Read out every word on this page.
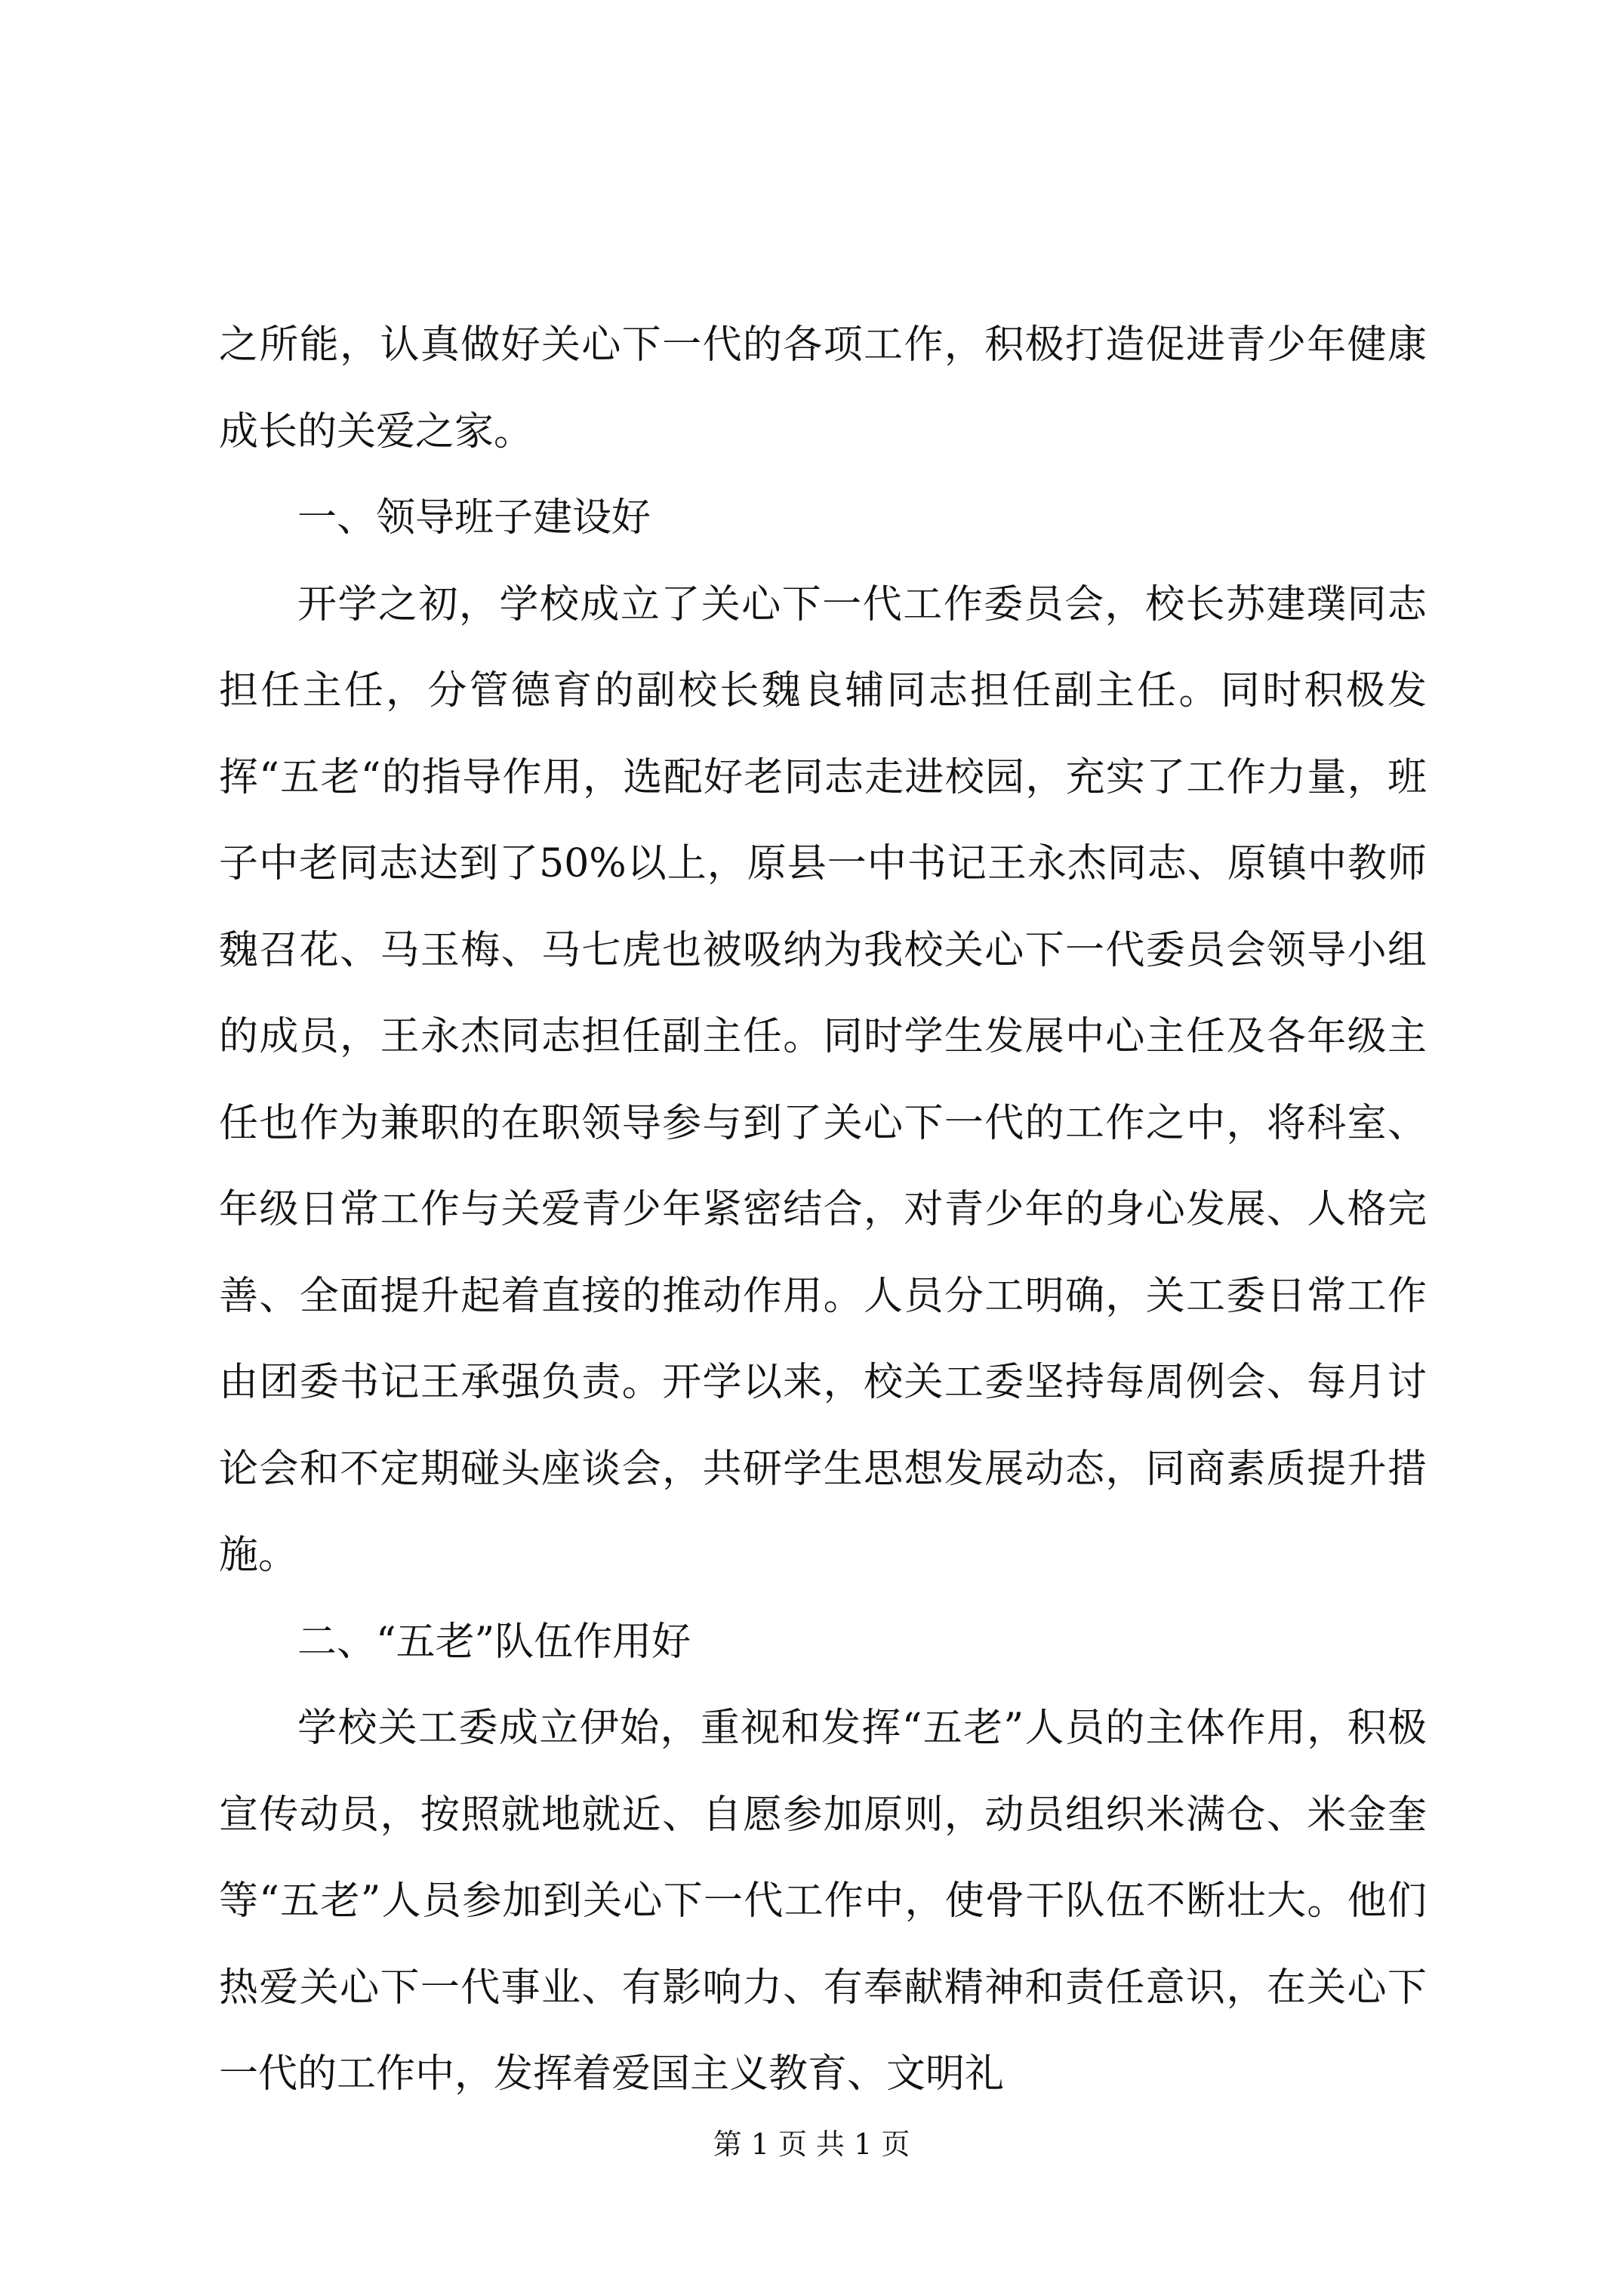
之所能，认真做好关心下一代的各项工作，积极打造促进青少年健康成长的关爱之家。

一、领导班子建设好

开学之初，学校成立了关心下一代工作委员会，校长苏建璞同志担任主任，分管德育的副校长魏良辅同志担任副主任。同时积极发挥“五老“的指导作用，选配好老同志走进校园，充实了工作力量，班子中老同志达到了50%以上，原县一中书记王永杰同志、原镇中教师魏召花、马玉梅、马七虎也被吸纳为我校关心下一代委员会领导小组的成员，王永杰同志担任副主任。同时学生发展中心主任及各年级主任也作为兼职的在职领导参与到了关心下一代的工作之中，将科室、年级日常工作与关爱青少年紧密结合，对青少年的身心发展、人格完善、全面提升起着直接的推动作用。人员分工明确，关工委日常工作由团委书记王承强负责。开学以来，校关工委坚持每周例会、每月讨论会和不定期碰头座谈会，共研学生思想发展动态，同商素质提升措施。

二、“五老”队伍作用好

学校关工委成立伊始，重视和发挥“五老”人员的主体作用，积极宣传动员，按照就地就近、自愿参加原则，动员组织米满仓、米金奎等“五老”人员参加到关心下一代工作中，使骨干队伍不断壮大。他们热爱关心下一代事业、有影响力、有奉献精神和责任意识，在关心下一代的工作中，发挥着爱国主义教育、文明礼

第 1 页 共 1 页
